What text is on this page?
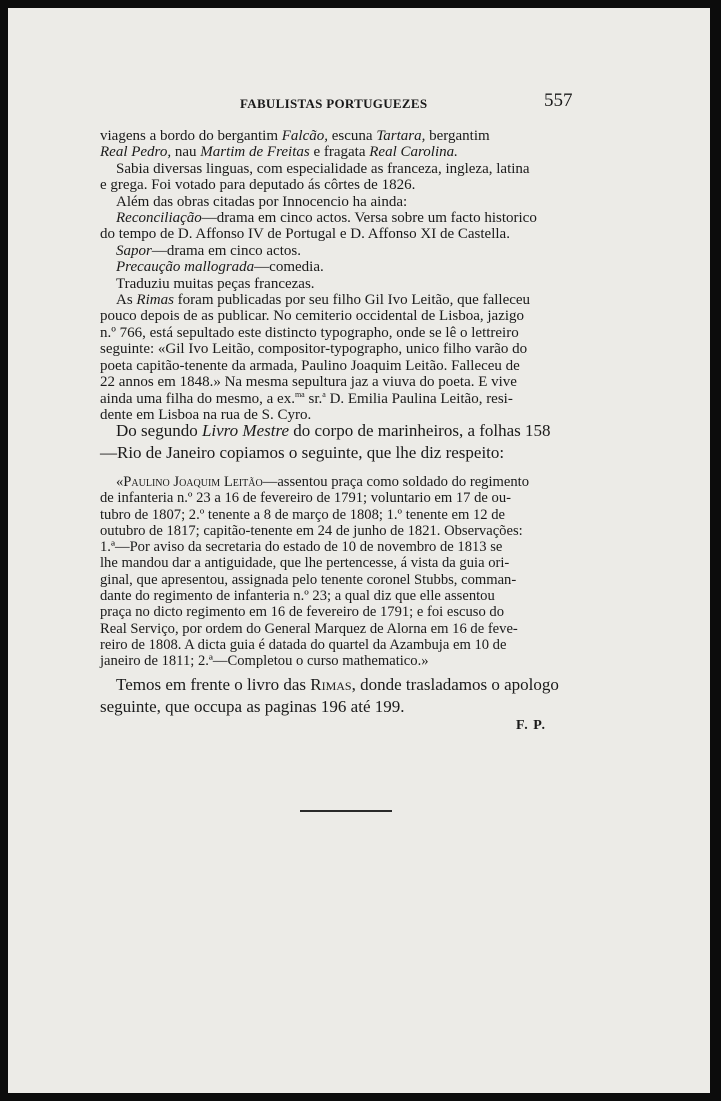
FABULISTAS PORTUGUEZES	557
viagens a bordo do bergantim Falcão, escuna Tartara, bergantim
Real Pedro, nau Martim de Freitas e fragata Real Carolina.
Sabia diversas linguas, com especialidade as franceza, ingleza, latina
e grega. Foi votado para deputado ás côrtes de 1826.
Além das obras citadas por Innocencio ha ainda:
Reconciliação—drama em cinco actos. Versa sobre um facto historico
do tempo de D. Affonso IV de Portugal e D. Affonso XI de Castella.
Sapor—drama em cinco actos.
Precaução mallograda—comedia.
Traduziu muitas peças francezas.
As Rimas foram publicadas por seu filho Gil Ivo Leitão, que falleceu
pouco depois de as publicar. No cemiterio occidental de Lisboa, jazigo
n.º 766, está sepultado este distincto typographo, onde se lê o lettreiro
seguinte: «Gil Ivo Leitão, compositor-typographo, unico filho varão do
poeta capitão-tenente da armada, Paulino Joaquim Leitão. Falleceu de
22 annos em 1848.» Na mesma sepultura jaz a viuva do poeta. E vive
ainda uma filha do mesmo, a ex.$^{ma}$ sr.$^a$ D. Emilia Paulina Leitão, resi-
dente em Lisboa na rua de S. Cyro.
Do segundo Livro Mestre do corpo de marinheiros, a folhas 158
—Rio de Janeiro copiamos o seguinte, que lhe diz respeito:
«Paulino Joaquim Leitão—assentou praça como soldado do regimento
de infanteria n.º 23 a 16 de fevereiro de 1791; voluntario em 17 de ou-
tubro de 1807; 2.º tenente a 8 de março de 1808; 1.º tenente em 12 de
outubro de 1817; capitão-tenente em 24 de junho de 1821. Observações:
1.ª—Por aviso da secretaria do estado de 10 de novembro de 1813 se
lhe mandou dar a antiguidade, que lhe pertencesse, á vista da guia ori-
ginal, que apresentou, assignada pelo tenente coronel Stubbs, comman-
dante do regimento de infanteria n.º 23; a qual diz que elle assentou
praça no dicto regimento em 16 de fevereiro de 1791; e foi escuso do
Real Serviço, por ordem do General Marquez de Alorna em 16 de feve-
reiro de 1808. A dicta guia é datada do quartel da Azambuja em 10 de
janeiro de 1811; 2.ª—Completou o curso mathematico.»
Temos em frente o livro das Rimas, donde trasladamos o apologo
seguinte, que occupa as paginas 196 até 199.
F. P.
